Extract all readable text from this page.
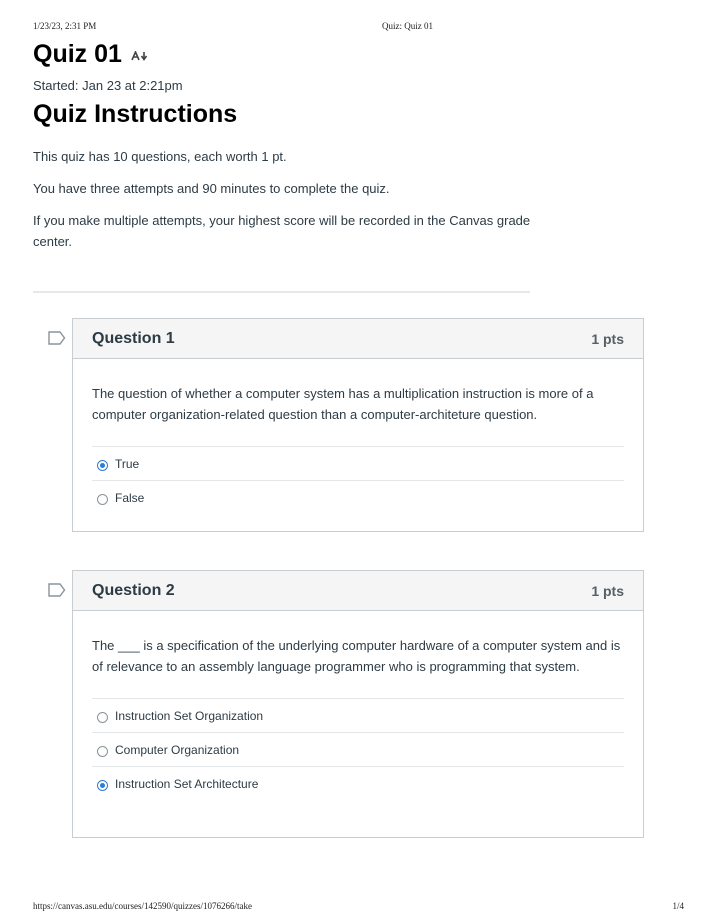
1/23/23, 2:31 PM	Quiz: Quiz 01
Quiz 01
Started: Jan 23 at 2:21pm
Quiz Instructions

This quiz has 10 questions, each worth 1 pt.

You have three attempts and 90 minutes to complete the quiz.

If you make multiple attempts, your highest score will be recorded in the Canvas grade center.

Question 1	1 pts
The question of whether a computer system has a multiplication instruction is more of a computer organization-related question than a computer-architeture question.
True
False
Question 2	1 pts
The ___ is a specification of the underlying computer hardware of a computer system and is of relevance to an assembly language programmer who is programming that system.
Instruction Set Organization
Computer Organization
Instruction Set Architecture
https://canvas.asu.edu/courses/142590/quizzes/1076266/take	1/4
